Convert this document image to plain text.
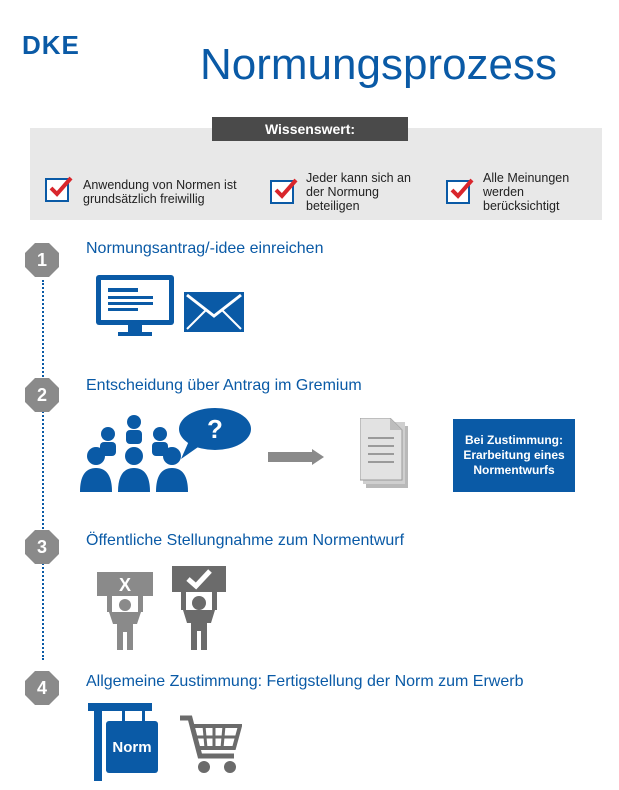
DKE	Normungsprozess
Wissenswert:
Anwendung von Normen ist grundsätzlich freiwillig
Jeder kann sich an der Normung beteiligen
Alle Meinungen werden berücksichtigt
1
Normungsantrag/-idee einreichen
2	Entscheidung über Antrag im Gremium
?	Bei Zustimmung: Erarbeitung eines Normentwurfs
3	Öffentliche Stellungnahme zum Normentwurf
X
4	Allgemeine Zustimmung: Fertigstellung der Norm zum Erwerb
Norm
